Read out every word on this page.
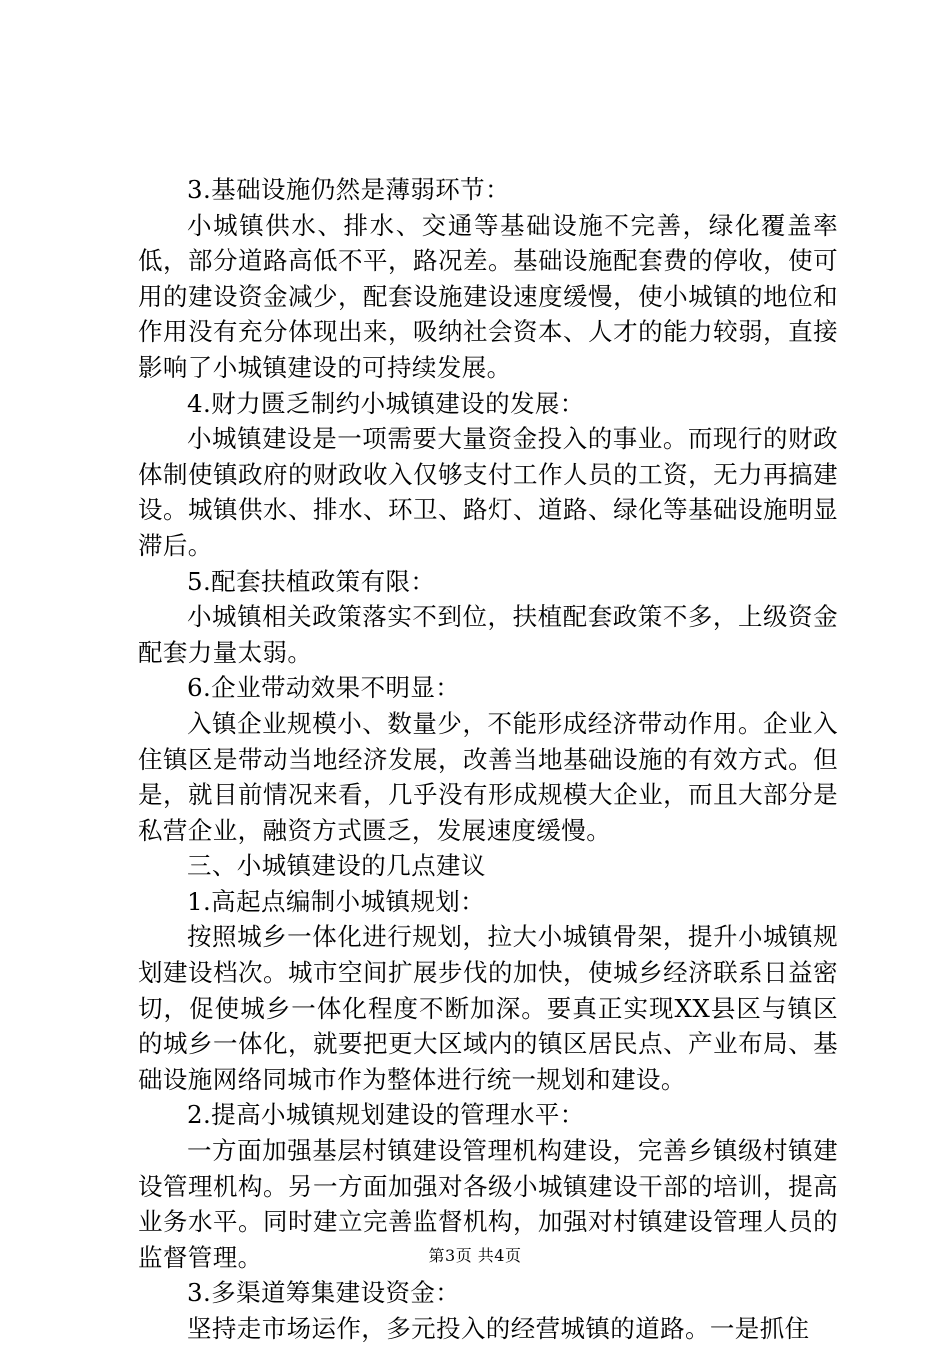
3.基础设施仍然是薄弱环节：

小城镇供水、排水、交通等基础设施不完善，绿化覆盖率低，部分道路高低不平，路况差。基础设施配套费的停收，使可用的建设资金减少，配套设施建设速度缓慢，使小城镇的地位和作用没有充分体现出来，吸纳社会资本、人才的能力较弱，直接影响了小城镇建设的可持续发展。

4.财力匮乏制约小城镇建设的发展：

小城镇建设是一项需要大量资金投入的事业。而现行的财政体制使镇政府的财政收入仅够支付工作人员的工资，无力再搞建设。城镇供水、排水、环卫、路灯、道路、绿化等基础设施明显滞后。

5.配套扶植政策有限：

小城镇相关政策落实不到位，扶植配套政策不多，上级资金配套力量太弱。

6.企业带动效果不明显：

入镇企业规模小、数量少，不能形成经济带动作用。企业入住镇区是带动当地经济发展，改善当地基础设施的有效方式。但是，就目前情况来看，几乎没有形成规模大企业，而且大部分是私营企业，融资方式匮乏，发展速度缓慢。

三、小城镇建设的几点建议

1.高起点编制小城镇规划：

按照城乡一体化进行规划，拉大小城镇骨架，提升小城镇规划建设档次。城市空间扩展步伐的加快，使城乡经济联系日益密切，促使城乡一体化程度不断加深。要真正实现XX县区与镇区的城乡一体化，就要把更大区域内的镇区居民点、产业布局、基础设施网络同城市作为整体进行统一规划和建设。

2.提高小城镇规划建设的管理水平：

一方面加强基层村镇建设管理机构建设，完善乡镇级村镇建设管理机构。另一方面加强对各级小城镇建设干部的培训，提高业务水平。同时建立完善监督机构，加强对村镇建设管理人员的监督管理。

3.多渠道筹集建设资金：

坚持走市场运作，多元投入的经营城镇的道路。一是抓住

第3页 共4页
